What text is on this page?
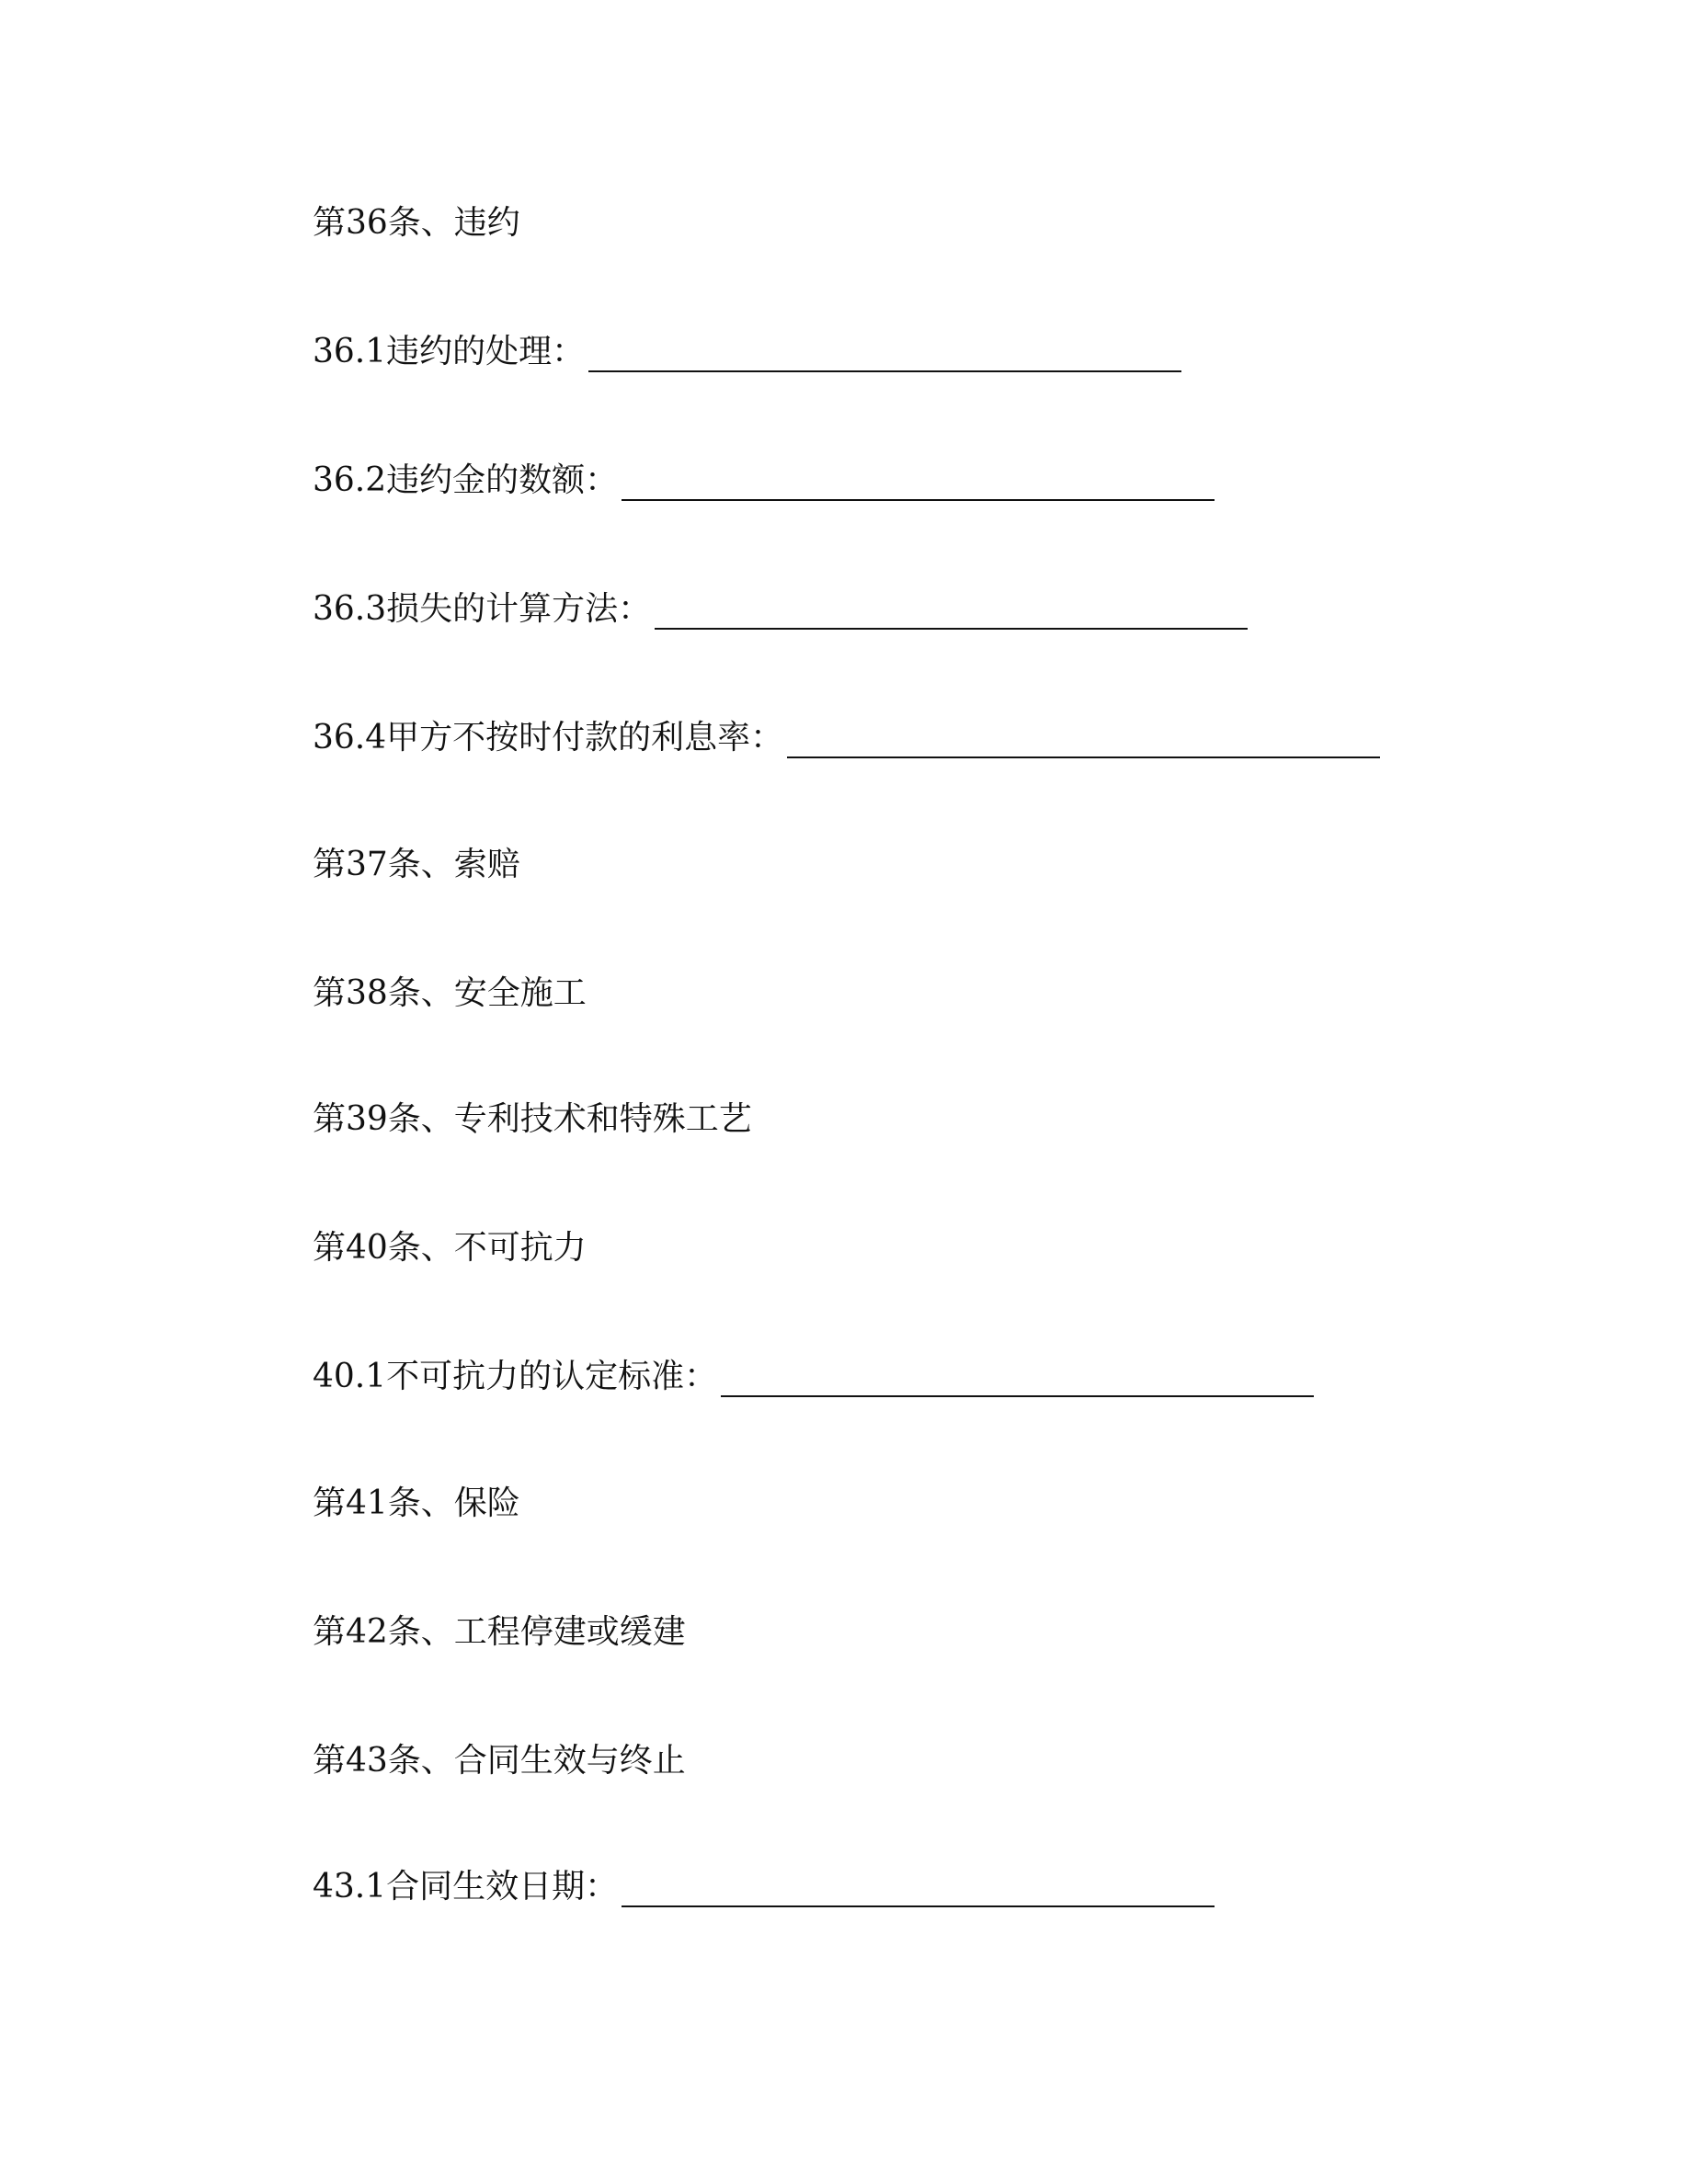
第36条、违约
36.1违约的处理：
36.2违约金的数额：
36.3损失的计算方法：
36.4甲方不按时付款的利息率：
第37条、索赔
第38条、安全施工
第39条、专利技术和特殊工艺
第40条、不可抗力
40.1不可抗力的认定标准：
第41条、保险
第42条、工程停建或缓建
第43条、合同生效与终止
43.1合同生效日期：
